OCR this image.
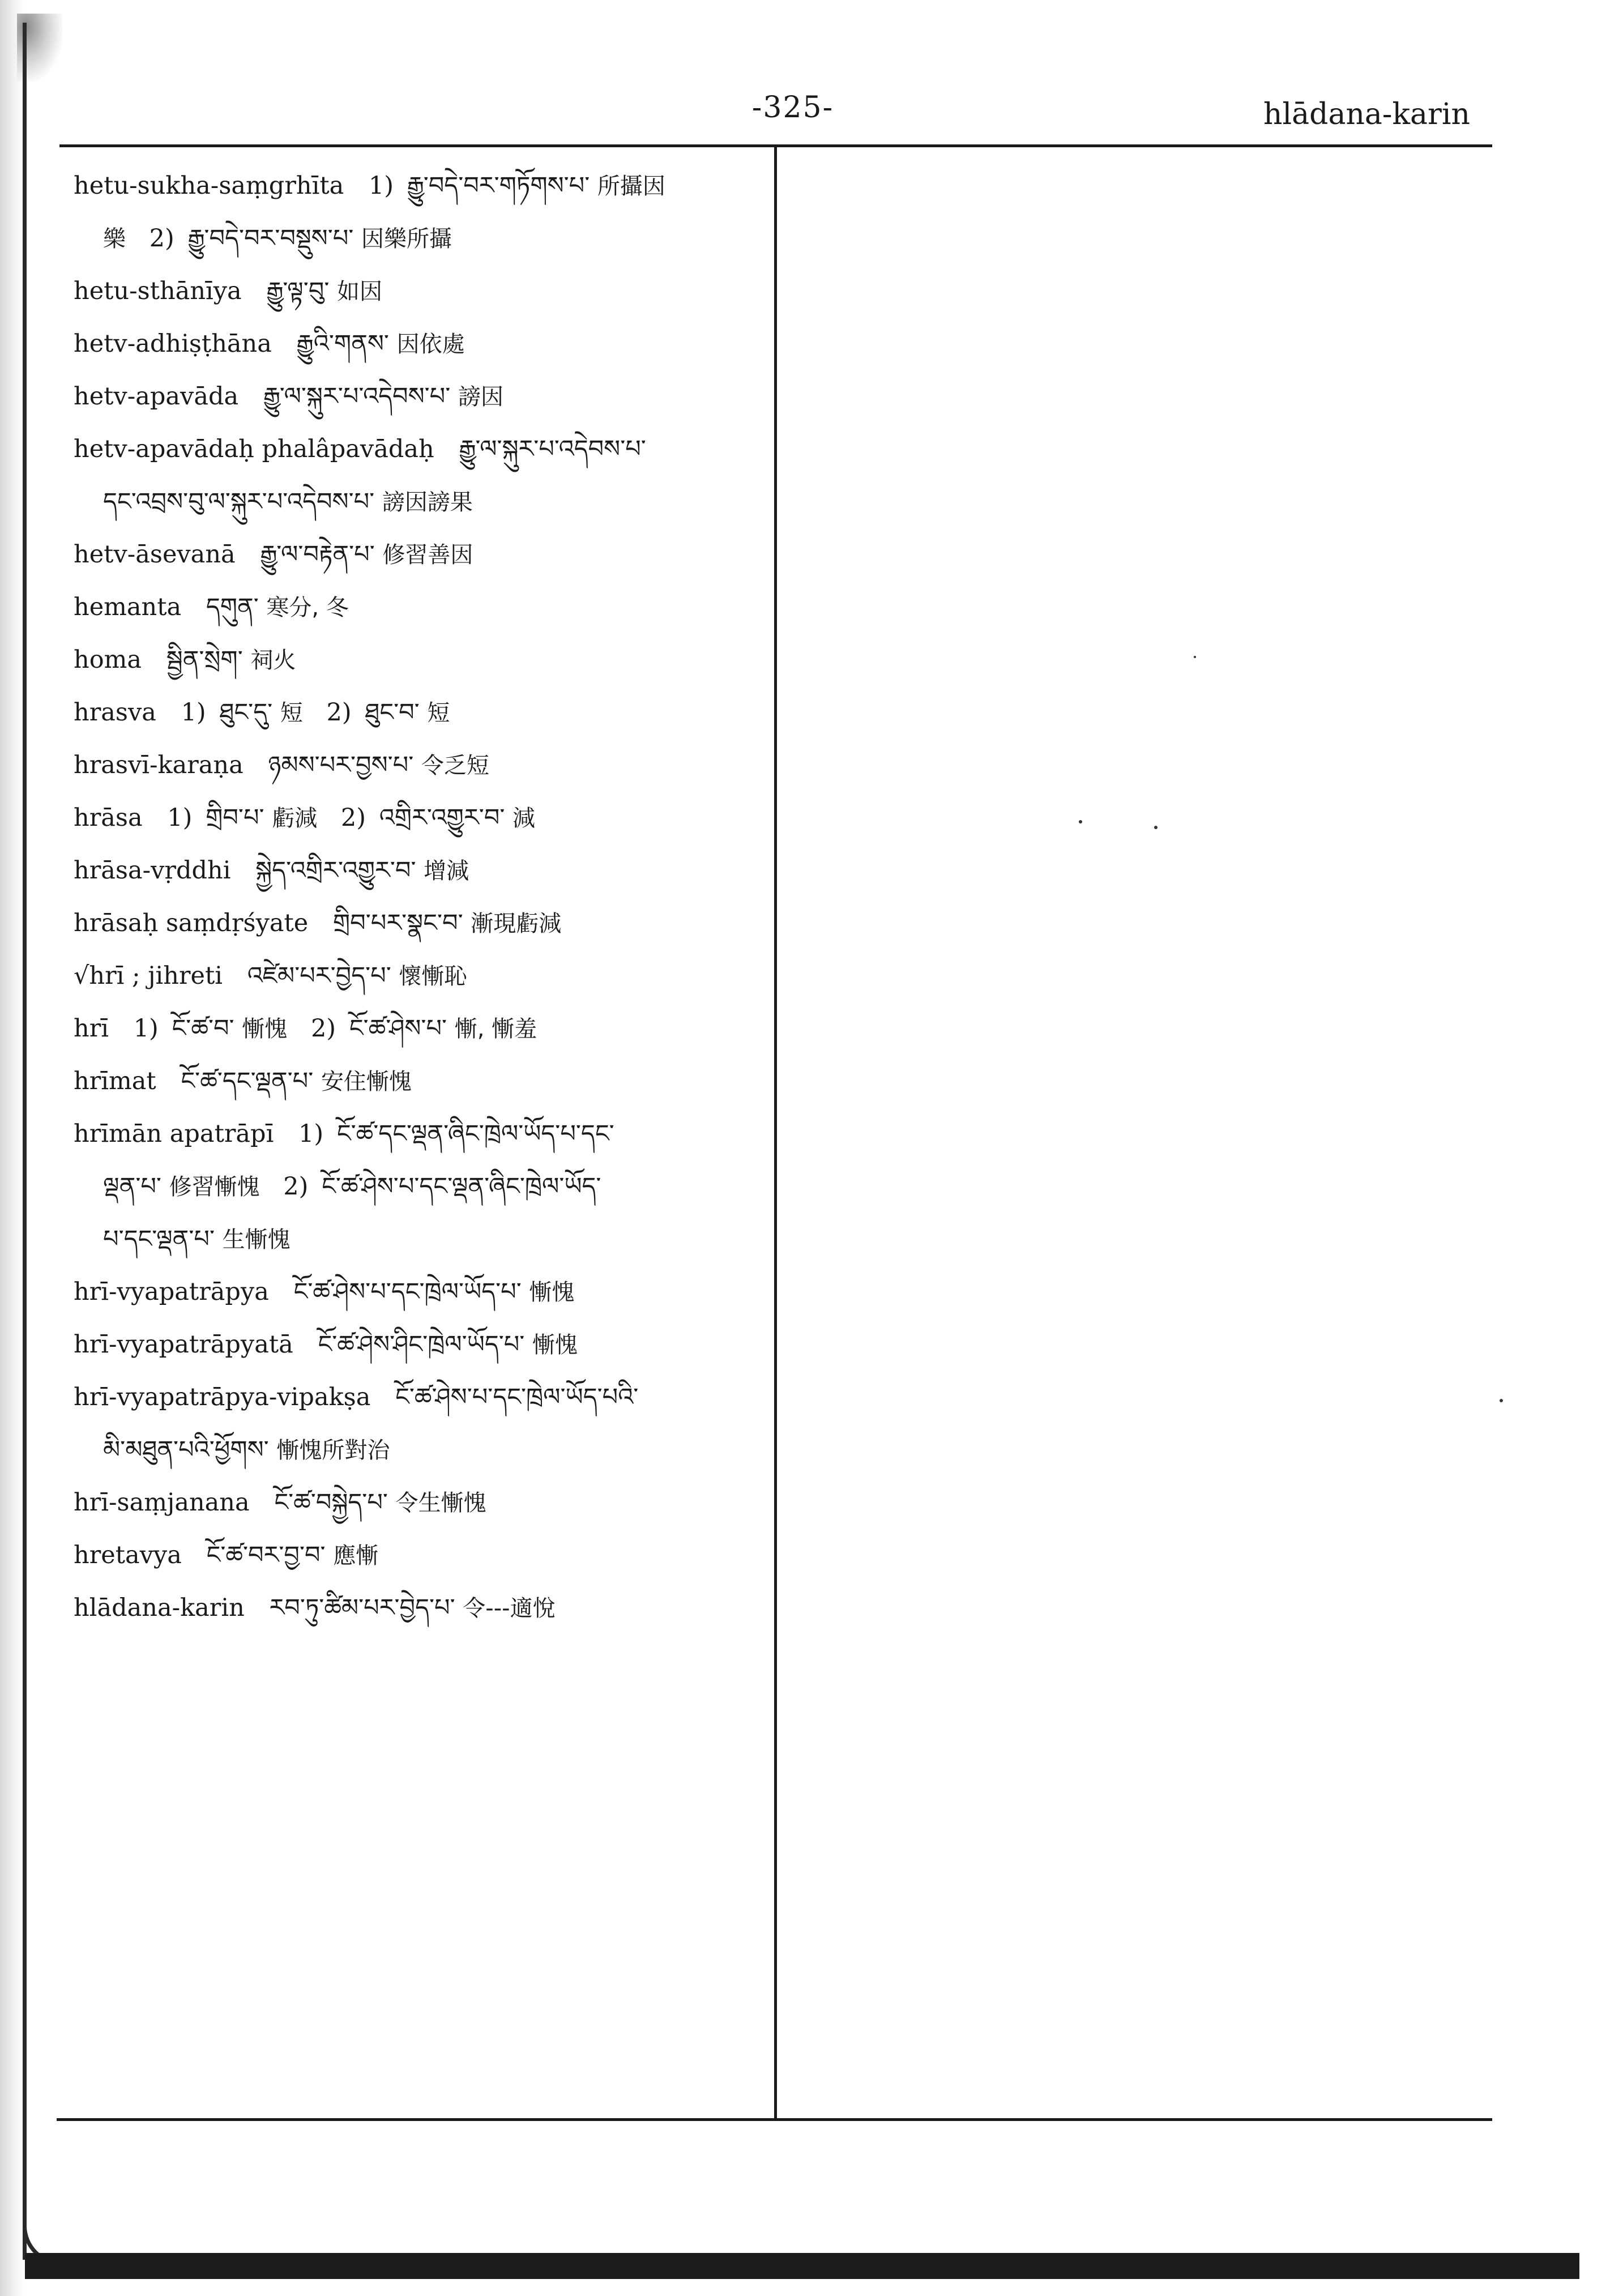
-325-	hlādana-karin
hetu-sukha-saṃgrhīta 1) རྒྱུ་བདེ་བར་གཏོགས་པ་ 所攝因
樂 2) རྒྱུ་བདེ་བར་བསྡུས་པ་ 因樂所攝
hetu-sthānīya རྒྱུ་ལྟ་བུ་ 如因
hetv-adhiṣṭhāna རྒྱུའི་གནས་ 因依處
hetv-apavāda རྒྱུ་ལ་སྐུར་པ་འདེབས་པ་ 謗因
hetv-apavādaḥ phalâpavādaḥ རྒྱུ་ལ་སྐུར་པ་འདེབས་པ་
དང་འབྲས་བུ་ལ་སྐུར་པ་འདེབས་པ་ 謗因謗果
hetv-āsevanā རྒྱུ་ལ་བརྟེན་པ་ 修習善因
hemanta དགུན་ 寒分, 冬
homa སྦྱིན་སྲེག་ 祠火
hrasva 1) ཐུང་དུ་ 短 2) ཐུང་བ་ 短
hrasvī-karaṇa ཉམས་པར་བྱས་པ་ 令乏短
hrāsa 1) གྲིབ་པ་ 虧減 2) འགྲིར་འགྱུར་བ་ 減
hrāsa-vṛddhi སྐྱེད་འགྲིར་འགྱུར་བ་ 增減
hrāsaḥ saṃdṛśyate གྲིབ་པར་སྣང་བ་ 漸現虧減
√hrī ; jihreti འཛེམ་པར་བྱེད་པ་ 懷慚恥
hrī 1) ངོ་ཚ་བ་ 慚愧 2) ངོ་ཚ་ཤེས་པ་ 慚, 慚羞
hrīmat ངོ་ཚ་དང་ལྡན་པ་ 安住慚愧
hrīmān apatrāpī 1) ངོ་ཚ་དང་ལྡན་ཞིང་ཁྲེལ་ཡོད་པ་དང་
ལྡན་པ་ 修習慚愧 2) ངོ་ཚ་ཤེས་པ་དང་ལྡན་ཞིང་ཁྲེལ་ཡོད་
པ་དང་ལྡན་པ་ 生慚愧
hrī-vyapatrāpya ངོ་ཚ་ཤེས་པ་དང་ཁྲེལ་ཡོད་པ་ 慚愧
hrī-vyapatrāpyatā ངོ་ཚ་ཤེས་ཤིང་ཁྲེལ་ཡོད་པ་ 慚愧
hrī-vyapatrāpya-vipakṣa ངོ་ཚ་ཤེས་པ་དང་ཁྲེལ་ཡོད་པའི་
མི་མཐུན་པའི་ཕྱོགས་ 慚愧所對治
hrī-saṃjanana ངོ་ཚ་བསྐྱེད་པ་ 令生慚愧
hretavya ངོ་ཚ་བར་བྱ་བ་ 應慚
hlādana-karin རབ་ཏུ་ཚིམ་པར་བྱེད་པ་ 令---適悅
